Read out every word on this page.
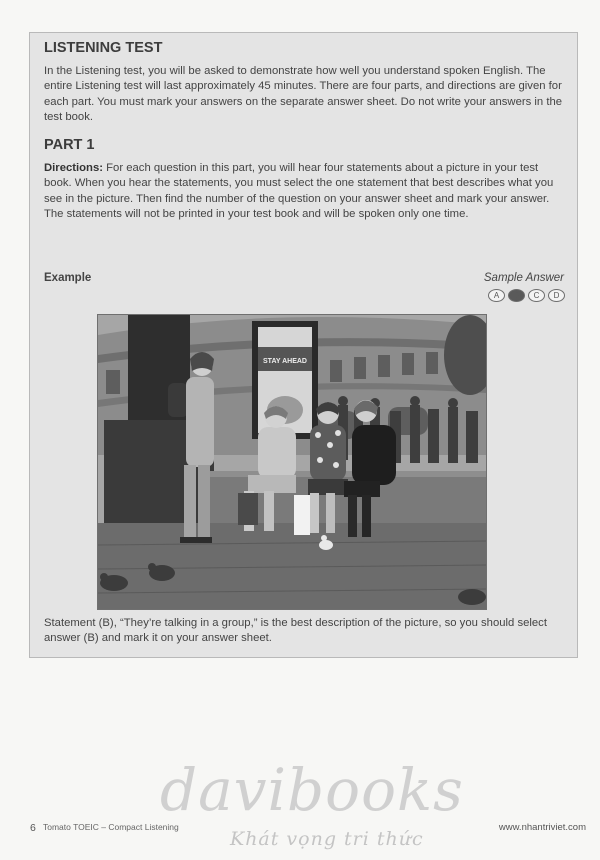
LISTENING TEST

In the Listening test, you will be asked to demonstrate how well you understand spoken English. The entire Listening test will last approximately 45 minutes. There are four parts, and directions are given for each part. You must mark your answers on the separate answer sheet. Do not write your answers in the test book.

PART 1

Directions: For each question in this part, you will hear four statements about a picture in your test book. When you hear the statements, you must select the one statement that best describes what you see in the picture. Then find the number of the question on your answer sheet and mark your answer. The statements will not be printed in your test book and will be spoken only one time.

Example	Sample Answer
A	B	C	D
STAY AHEAD

Statement (B), “They’re talking in a group,” is the best description of the picture, so you should select answer (B) and mark it on your answer sheet.

davibooks
Khát vọng tri thức
6 Tomato TOEIC – Compact Listening	www.nhantriviet.com
